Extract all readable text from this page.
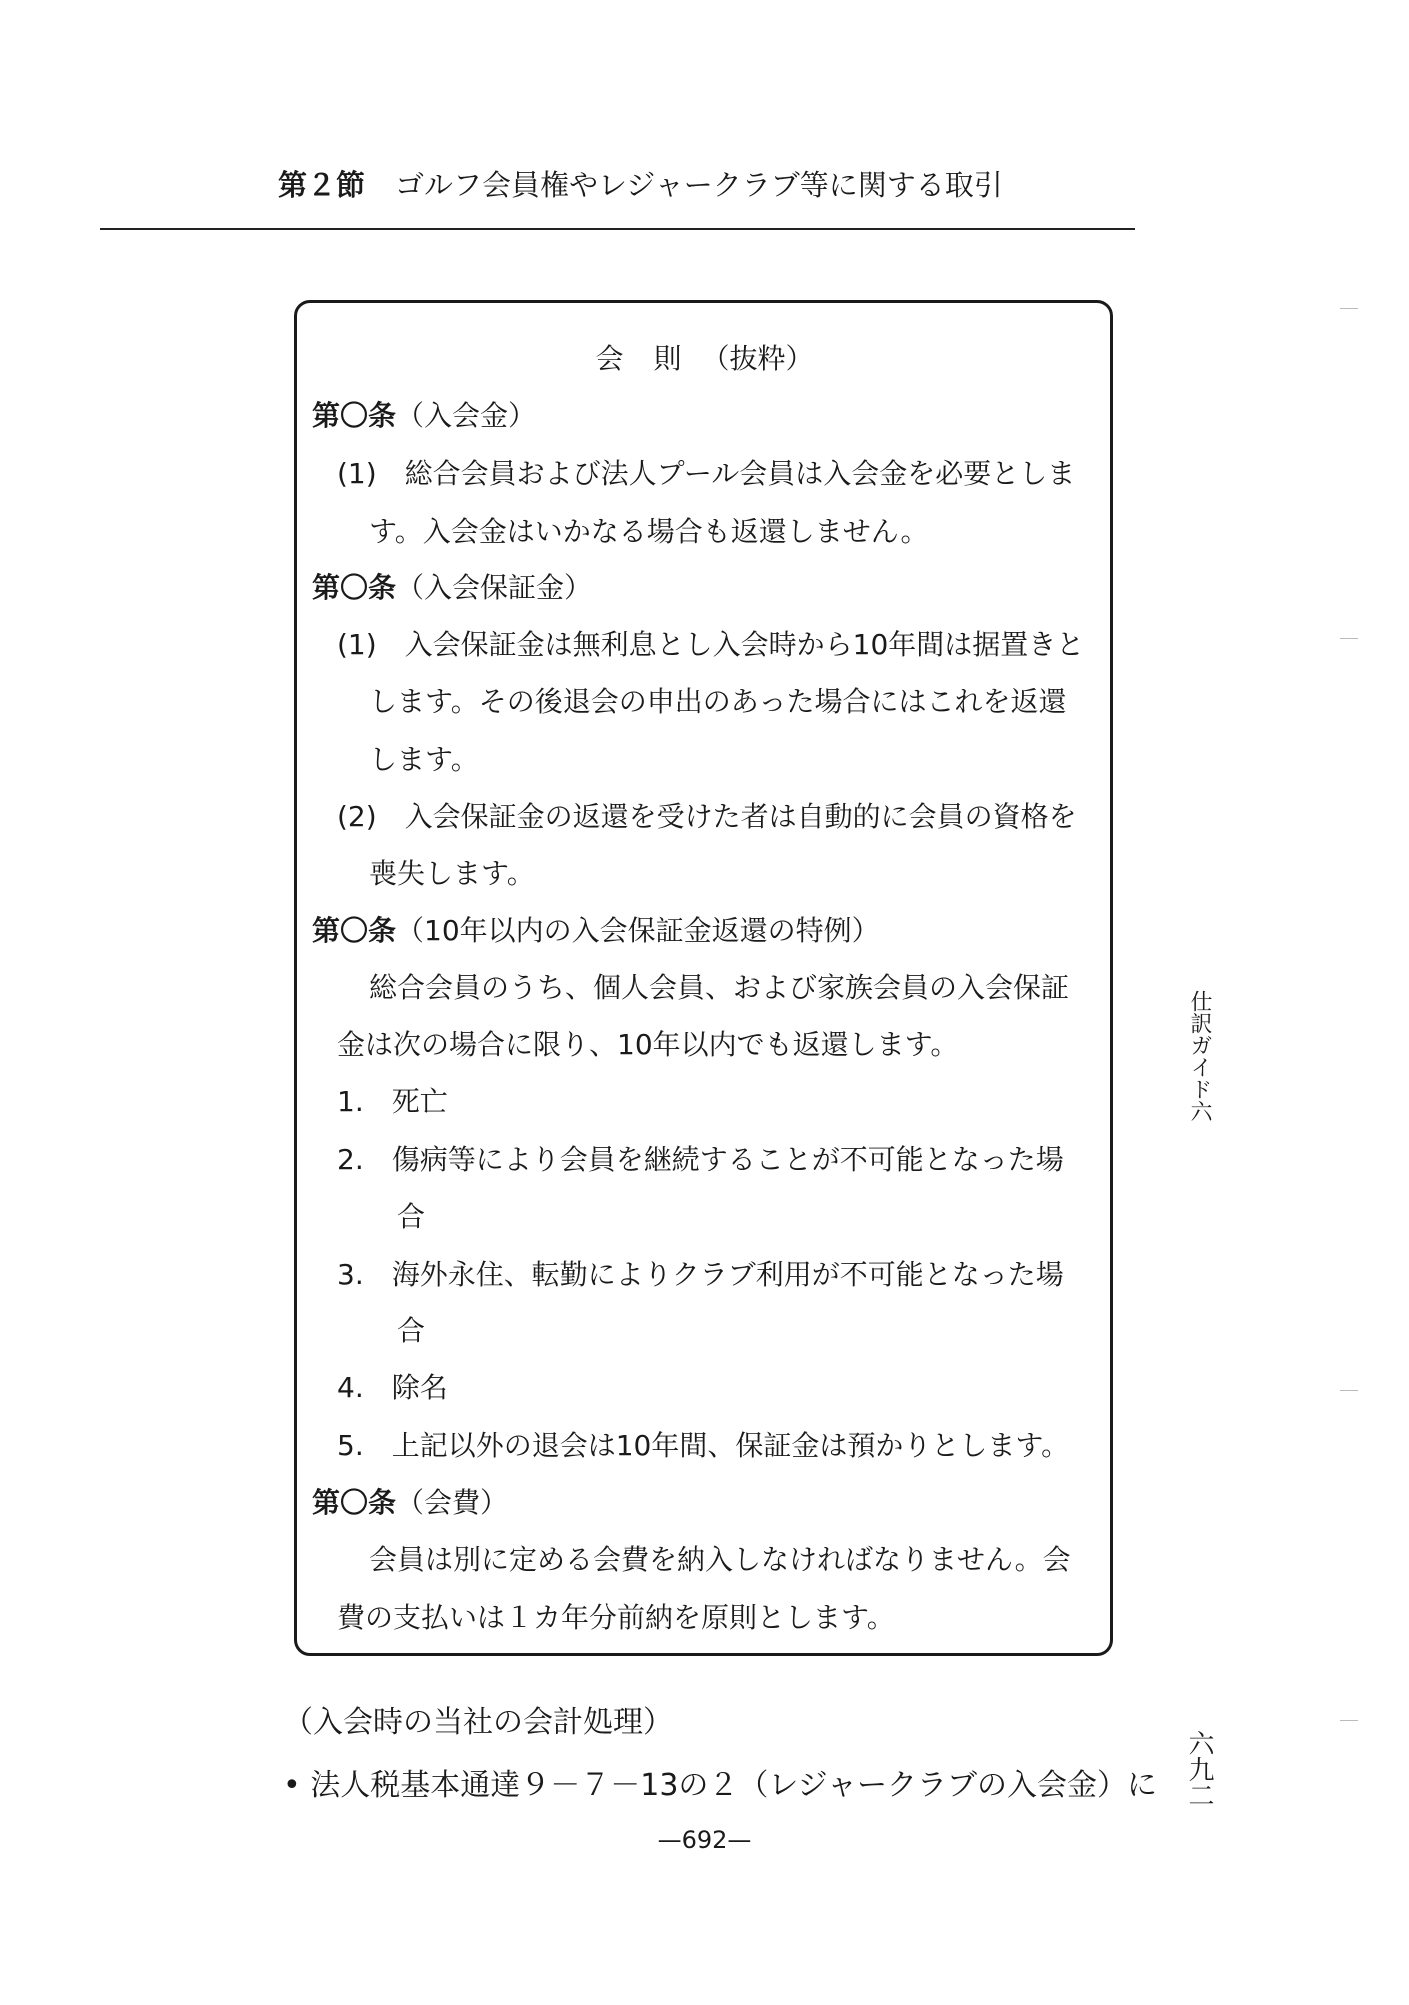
第２節 ゴルフ会員権やレジャークラブ等に関する取引
会則（抜粋）
第〇条（入会金）
(1)　総合会員および法人プール会員は入会金を必要としま
す。入会金はいかなる場合も返還しません。
第〇条（入会保証金）
(1)　入会保証金は無利息とし入会時から10年間は据置きと
します。その後退会の申出のあった場合にはこれを返還
します。
(2)　入会保証金の返還を受けた者は自動的に会員の資格を
喪失します。
第〇条（10年以内の入会保証金返還の特例）
総合会員のうち、個人会員、および家族会員の入会保証
金は次の場合に限り、10年以内でも返還します。
1.　死亡
2.　傷病等により会員を継続することが不可能となった場
合
3.　海外永住、転勤によりクラブ利用が不可能となった場
合
4.　除名
5.　上記以外の退会は10年間、保証金は預かりとします。
第〇条（会費）
会員は別に定める会費を納入しなければなりません。会
費の支払いは１カ年分前納を原則とします。
（入会時の当社の会計処理）
• 法人税基本通達９－７－13の２（レジャークラブの入会金）に
—692—
仕訳ガイド六
六九二
